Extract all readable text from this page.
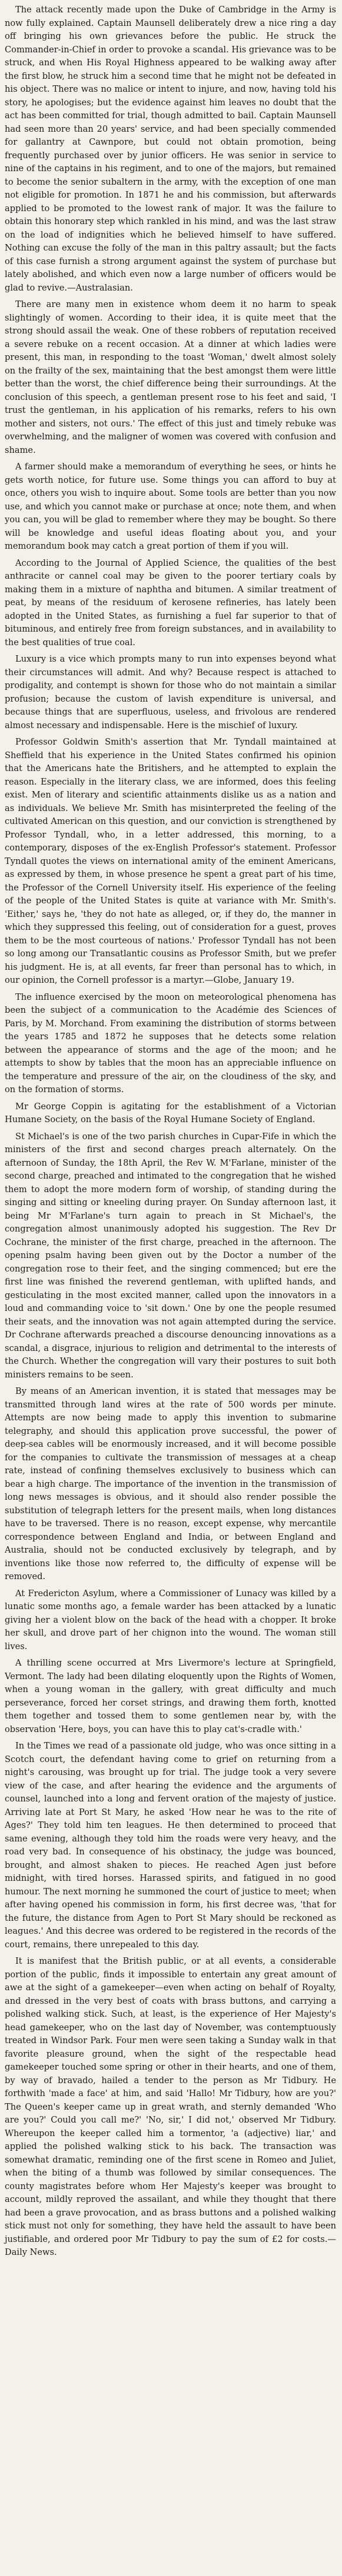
The attack recently made upon the Duke of Cambridge in the Army is now fully explained. Captain Maunsell deliberately drew a nice ring a day off bringing his own grievances before the public. He struck the Commander-in-Chief in order to provoke a scandal. His grievance was to be struck, and when His Royal Highness appeared to be walking away after the first blow, he struck him a second time that he might not be defeated in his object. There was no malice or intent to injure, and now, having told his story, he apologises; but the evidence against him leaves no doubt that the act has been committed for trial, though admitted to bail. Captain Maunsell had seen more than 20 years' service, and had been specially commended for gallantry at Cawnpore, but could not obtain promotion, being frequently purchased over by junior officers. He was senior in service to nine of the captains in his regiment, and to one of the majors, but remained to become the senior subaltern in the army, with the exception of one man not eligible for promotion. In 1871 he and his commission, but afterwards applied to be promoted to the lowest rank of major. It was the failure to obtain this honorary step which rankled in his mind, and was the last straw on the load of indignities which he believed himself to have suffered. Nothing can excuse the folly of the man in this paltry assault; but the facts of this case furnish a strong argument against the system of purchase but lately abolished, and which even now a large number of officers would be glad to revive.—Australasian.

There are many men in existence whom deem it no harm to speak slightingly of women. According to their idea, it is quite meet that the strong should assail the weak. One of these robbers of reputation received a severe rebuke on a recent occasion. At a dinner at which ladies were present, this man, in responding to the toast 'Woman,' dwelt almost solely on the frailty of the sex, maintaining that the best amongst them were little better than the worst, the chief difference being their surroundings. At the conclusion of this speech, a gentleman present rose to his feet and said, 'I trust the gentleman, in his application of his remarks, refers to his own mother and sisters, not ours.' The effect of this just and timely rebuke was overwhelming, and the maligner of women was covered with confusion and shame.

A farmer should make a memorandum of everything he sees, or hints he gets worth notice, for future use. Some things you can afford to buy at once, others you wish to inquire about. Some tools are better than you now use, and which you cannot make or purchase at once; note them, and when you can, you will be glad to remember where they may be bought. So there will be knowledge and useful ideas floating about you, and your memorandum book may catch a great portion of them if you will.

According to the Journal of Applied Science, the qualities of the best anthracite or cannel coal may be given to the poorer tertiary coals by making them in a mixture of naphtha and bitumen. A similar treatment of peat, by means of the residuum of kerosene refineries, has lately been adopted in the United States, as furnishing a fuel far superior to that of bituminous, and entirely free from foreign substances, and in availability to the best qualities of true coal.

Luxury is a vice which prompts many to run into expenses beyond what their circumstances will admit. And why? Because respect is attached to prodigality, and contempt is shown for those who do not maintain a similar profusion; because the custom of lavish expenditure is universal, and because things that are superfluous, useless, and frivolous are rendered almost necessary and indispensable. Here is the mischief of luxury.

Professor Goldwin Smith's assertion that Mr. Tyndall maintained at Sheffield that his experience in the United States confirmed his opinion that the Americans hate the Britishers, and he attempted to explain the reason. Especially in the literary class, we are informed, does this feeling exist. Men of literary and scientific attainments dislike us as a nation and as individuals. We believe Mr. Smith has misinterpreted the feeling of the cultivated American on this question, and our conviction is strengthened by Professor Tyndall, who, in a letter addressed, this morning, to a contemporary, disposes of the ex-English Professor's statement. Professor Tyndall quotes the views on international amity of the eminent Americans, as expressed by them, in whose presence he spent a great part of his time, the Professor of the Cornell University itself. His experience of the feeling of the people of the United States is quite at variance with Mr. Smith's. 'Either,' says he, 'they do not hate as alleged, or, if they do, the manner in which they suppressed this feeling, out of consideration for a guest, proves them to be the most courteous of nations.' Professor Tyndall has not been so long among our Transatlantic cousins as Professor Smith, but we prefer his judgment. He is, at all events, far freer than personal has to which, in our opinion, the Cornell professor is a martyr.—Globe, January 19.

The influence exercised by the moon on meteorological phenomena has been the subject of a communication to the Académie des Sciences of Paris, by M. Morchand. From examining the distribution of storms between the years 1785 and 1872 he supposes that he detects some relation between the appearance of storms and the age of the moon; and he attempts to show by tables that the moon has an appreciable influence on the temperature and pressure of the air, on the cloudiness of the sky, and on the formation of storms.

Mr George Coppin is agitating for the establishment of a Victorian Humane Society, on the basis of the Royal Humane Society of England.

St Michael's is one of the two parish churches in Cupar-Fife in which the ministers of the first and second charges preach alternately. On the afternoon of Sunday, the 18th April, the Rev W. M'Farlane, minister of the second charge, preached and intimated to the congregation that he wished them to adopt the more modern form of worship, of standing during the singing and sitting or kneeling during prayer. On Sunday afternoon last, it being Mr M'Farlane's turn again to preach in St Michael's, the congregation almost unanimously adopted his suggestion. The Rev Dr Cochrane, the minister of the first charge, preached in the afternoon. The opening psalm having been given out by the Doctor a number of the congregation rose to their feet, and the singing commenced; but ere the first line was finished the reverend gentleman, with uplifted hands, and gesticulating in the most excited manner, called upon the innovators in a loud and commanding voice to 'sit down.' One by one the people resumed their seats, and the innovation was not again attempted during the service. Dr Cochrane afterwards preached a discourse denouncing innovations as a scandal, a disgrace, injurious to religion and detrimental to the interests of the Church. Whether the congregation will vary their postures to suit both ministers remains to be seen.

By means of an American invention, it is stated that messages may be transmitted through land wires at the rate of 500 words per minute. Attempts are now being made to apply this invention to submarine telegraphy, and should this application prove successful, the power of deep-sea cables will be enormously increased, and it will become possible for the companies to cultivate the transmission of messages at a cheap rate, instead of confining themselves exclusively to business which can bear a high charge. The importance of the invention in the transmission of long news messages is obvious, and it should also render possible the substitution of telegraph letters for the present mails, when long distances have to be traversed. There is no reason, except expense, why mercantile correspondence between England and India, or between England and Australia, should not be conducted exclusively by telegraph, and by inventions like those now referred to, the difficulty of expense will be removed.

At Fredericton Asylum, where a Commissioner of Lunacy was killed by a lunatic some months ago, a female warder has been attacked by a lunatic giving her a violent blow on the back of the head with a chopper. It broke her skull, and drove part of her chignon into the wound. The woman still lives.

A thrilling scene occurred at Mrs Livermore's lecture at Springfield, Vermont. The lady had been dilating eloquently upon the Rights of Women, when a young woman in the gallery, with great difficulty and much perseverance, forced her corset strings, and drawing them forth, knotted them together and tossed them to some gentlemen near by, with the observation 'Here, boys, you can have this to play cat's-cradle with.'

In the Times we read of a passionate old judge, who was once sitting in a Scotch court, the defendant having come to grief on returning from a night's carousing, was brought up for trial. The judge took a very severe view of the case, and after hearing the evidence and the arguments of counsel, launched into a long and fervent oration of the majesty of justice. Arriving late at Port St Mary, he asked 'How near he was to the rite of Ages?' They told him ten leagues. He then determined to proceed that same evening, although they told him the roads were very heavy, and the road very bad. In consequence of his obstinacy, the judge was bounced, brought, and almost shaken to pieces. He reached Agen just before midnight, with tired horses. Harassed spirits, and fatigued in no good humour. The next morning he summoned the court of justice to meet; when after having opened his commission in form, his first decree was, 'that for the future, the distance from Agen to Port St Mary should be reckoned as leagues.' And this decree was ordered to be registered in the records of the court, remains, there unrepealed to this day.

It is manifest that the British public, or at all events, a considerable portion of the public, finds it impossible to entertain any great amount of awe at the sight of a gamekeeper—even when acting on behalf of Royalty, and dressed in the very best of coats with brass buttons, and carrying a polished walking stick. Such, at least, is the experience of Her Majesty's head gamekeeper, who on the last day of November, was contemptuously treated in Windsor Park. Four men were seen taking a Sunday walk in that favorite pleasure ground, when the sight of the respectable head gamekeeper touched some spring or other in their hearts, and one of them, by way of bravado, hailed a tender to the person as Mr Tidbury. He forthwith 'made a face' at him, and said 'Hallo! Mr Tidbury, how are you?' The Queen's keeper came up in great wrath, and sternly demanded 'Who are you?' Could you call me?' 'No, sir,' I did not,' observed Mr Tidbury. Whereupon the keeper called him a tormentor, 'a (adjective) liar,' and applied the polished walking stick to his back. The transaction was somewhat dramatic, reminding one of the first scene in Romeo and Juliet, when the biting of a thumb was followed by similar consequences. The county magistrates before whom Her Majesty's keeper was brought to account, mildly reproved the assailant, and while they thought that there had been a grave provocation, and as brass buttons and a polished walking stick must not only for something, they have held the assault to have been justifiable, and ordered poor Mr Tidbury to pay the sum of £2 for costs.—Daily News.
